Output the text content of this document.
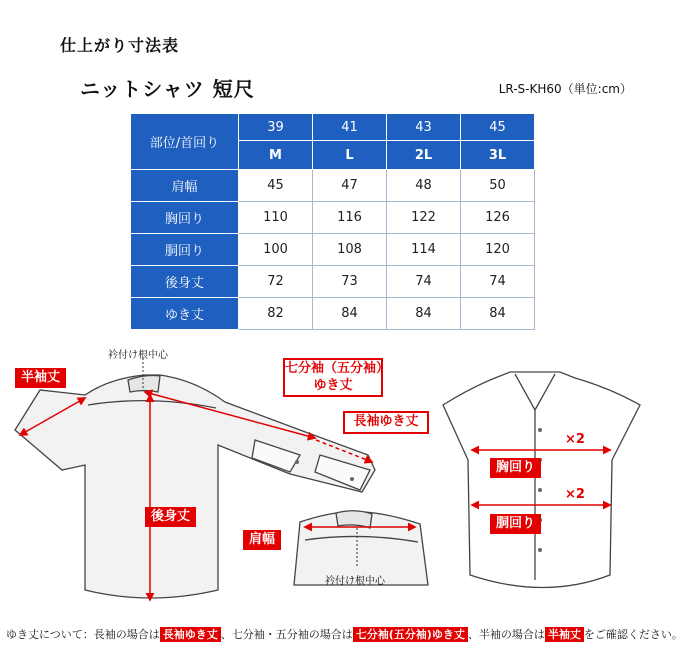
仕上がり寸法表
ニットシャツ 短尺	LR-S-KH60（単位:cm）
部位/首回り	39	41	43	45
	M	L	2L	3L
肩幅	45	47	48	50
胸回り	110	116	122	126
胴回り	100	108	114	120
後身丈	72	73	74	74
ゆき丈	82	84	84	84
半袖丈
衿付け根中心
七分袖（五分袖）
ゆき丈
長袖ゆき丈
後身丈
肩幅
衿付け根中心
胸回り
胴回り
×2
×2
ゆき丈について：長袖の場合は 長袖ゆき丈 、七分袖・五分袖の場合は 七分袖(五分袖)ゆき丈 、半袖の場合は 半袖丈 をご確認ください。
